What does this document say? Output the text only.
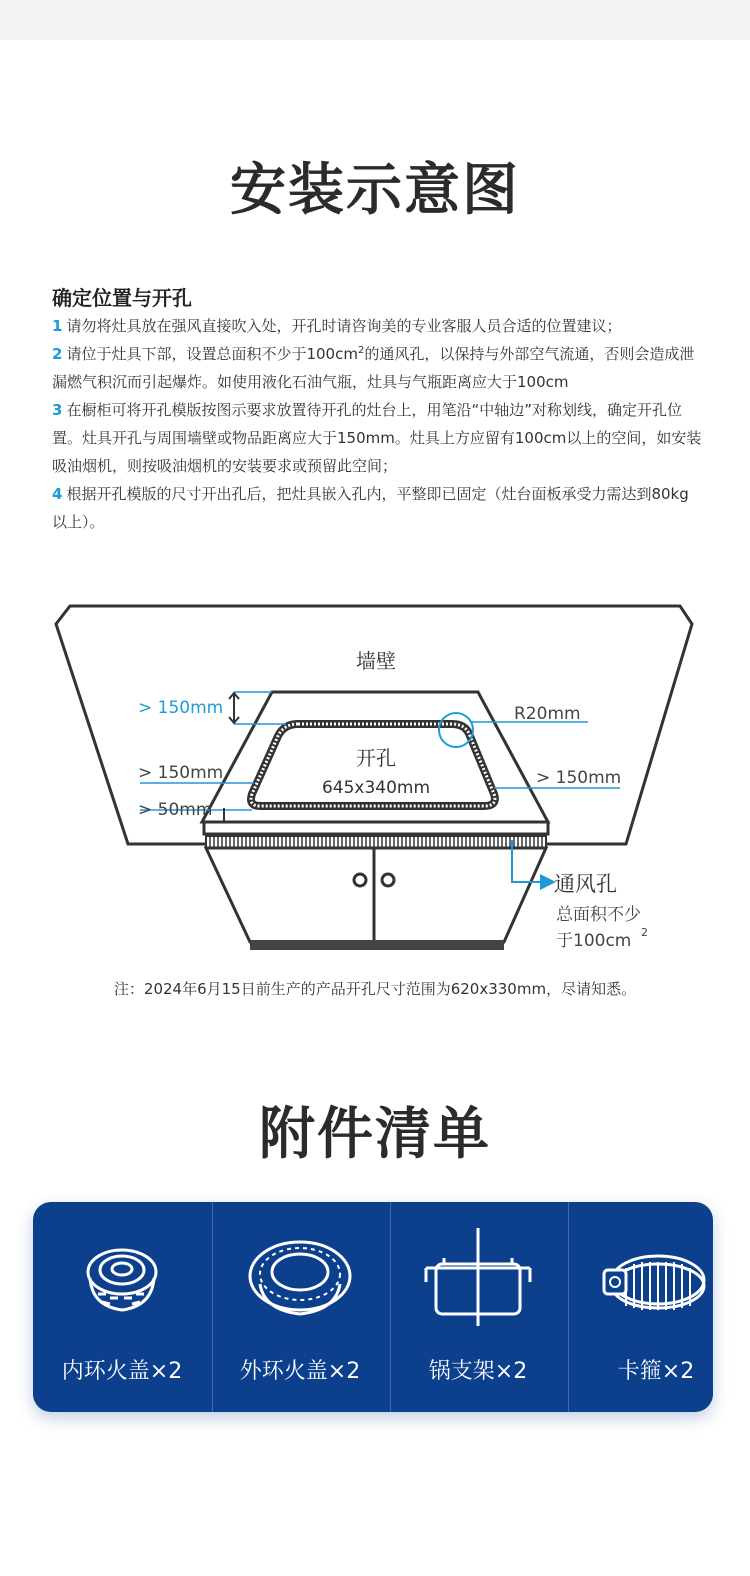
安装示意图
确定位置与开孔

1 请勿将灶具放在强风直接吹入处，开孔时请咨询美的专业客服人员合适的位置建议；

2 请位于灶具下部，设置总面积不少于$100cm^2$的通风孔，以保持与外部空气流通，否则会造成泄漏燃气积沉而引起爆炸。如使用液化石油气瓶，灶具与气瓶距离应大于100cm

3 在橱柜可将开孔模版按图示要求放置待开孔的灶台上，用笔沿“中轴边”对称划线，确定开孔位置。灶具开孔与周围墙壁或物品距离应大于150mm。灶具上方应留有100cm以上的空间，如安装吸油烟机，则按吸油烟机的安装要求或预留此空间；

4 根据开孔模版的尺寸开出孔后，把灶具嵌入孔内，平整即已固定（灶台面板承受力需达到80kg以上）。

墙壁
开孔
645x340mm
> 150mm	R20mm
> 150mm	> 150mm
> 50mm
通风孔
总面积不少
于100cm 2
注：2024年6月15日前生产的产品开孔尺寸范围为620x330mm，尽请知悉。
附件清单
内环火盖×2	外环火盖×2	锅支架×2	卡箍×2
